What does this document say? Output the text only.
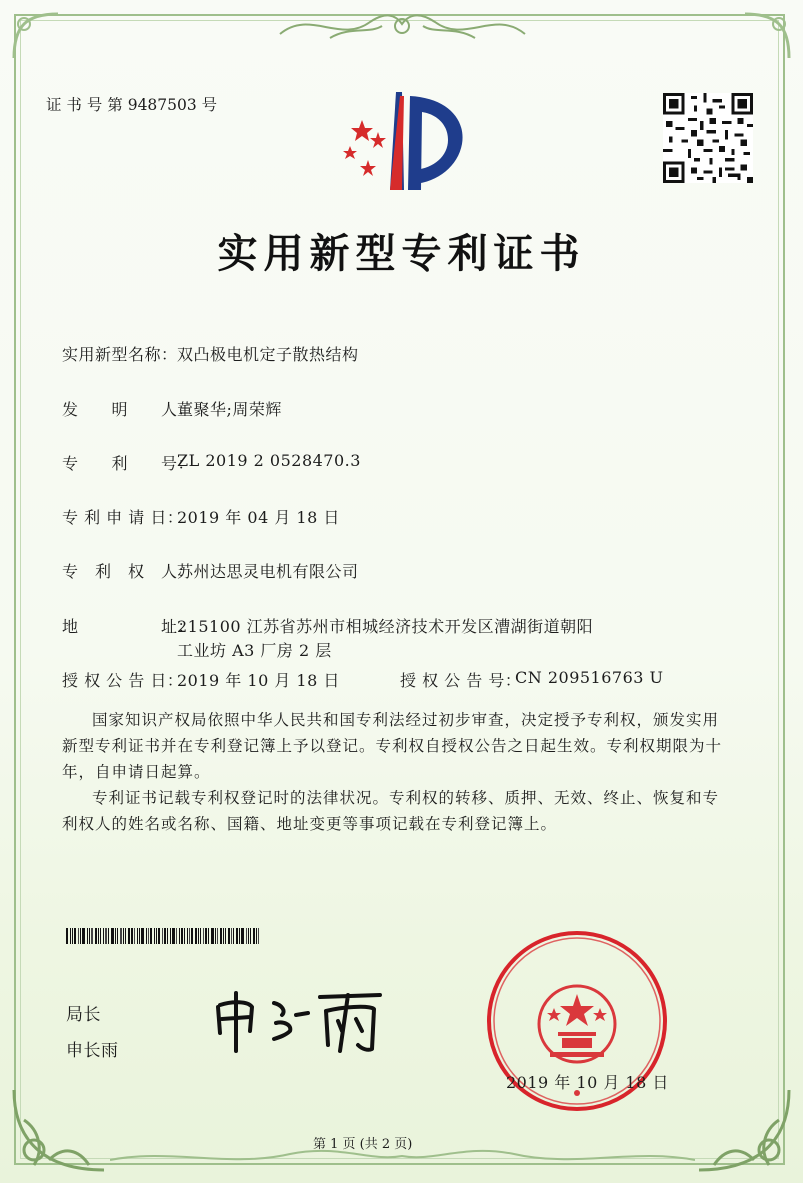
证 书 号 第 9487503 号
实用新型专利证书
实用新型名称： 双凸极电机定子散热结构
发　　明　　人：
董聚华;周荣辉
专　　利　　号：
ZL 2019 2 0528470.3
专 利 申 请 日：
2019 年 04 月 18 日
专　利　权　人：
苏州达思灵电机有限公司
地　　　　　址：
215100 江苏省苏州市相城经济技术开发区漕湖街道朝阳
工业坊 A3 厂房 2 层
授 权 公 告 日：
2019 年 10 月 18 日	授 权 公 告 号：
CN 209516763 U

国家知识产权局依照中华人民共和国专利法经过初步审查，决定授予专利权，颁发实用

新型专利证书并在专利登记簿上予以登记。专利权自授权公告之日起生效。专利权期限为十

年，自申请日起算。

专利证书记载专利权登记时的法律状况。专利权的转移、质押、无效、终止、恢复和专

利权人的姓名或名称、国籍、地址变更等事项记载在专利登记簿上。

局长
申长雨
2019 年 10 月 18 日
第 1 页 (共 2 页)
